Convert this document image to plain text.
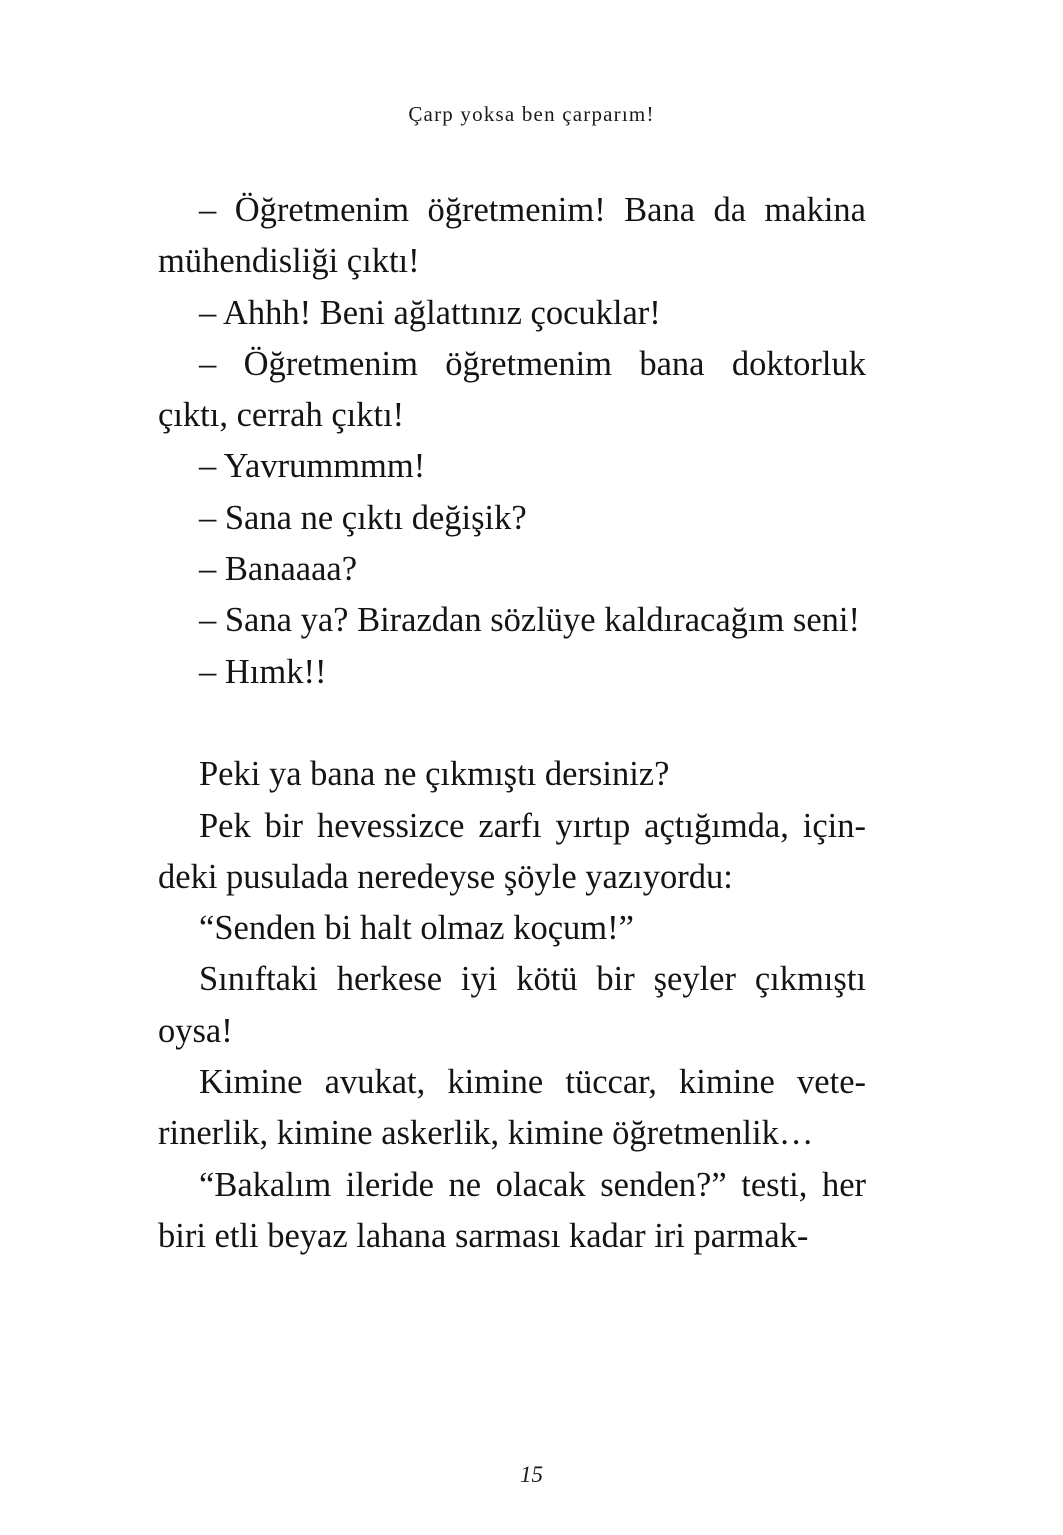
Çarp yoksa ben çarparım!

– Öğretmenim öğretmenim! Bana da makina mühendisliği çıktı!

– Ahhh! Beni ağlattınız çocuklar!

– Öğretmenim öğretmenim bana doktorluk çıktı, cerrah çıktı!

– Yavrummmm!

– Sana ne çıktı değişik?

– Banaaaa?

– Sana ya? Birazdan sözlüye kaldıracağım seni!

– Hımk!!

Peki ya bana ne çıkmıştı dersiniz?

Pek bir hevessizce zarfı yırtıp açtığımda, için-deki pusulada neredeyse şöyle yazıyordu:

“Senden bi halt olmaz koçum!”

Sınıftaki herkese iyi kötü bir şeyler çıkmıştı oysa!

Kimine avukat, kimine tüccar, kimine vete-rinerlik, kimine askerlik, kimine öğretmenlik…

“Bakalım ileride ne olacak senden?” testi, her biri etli beyaz lahana sarması kadar iri parmak-

15
